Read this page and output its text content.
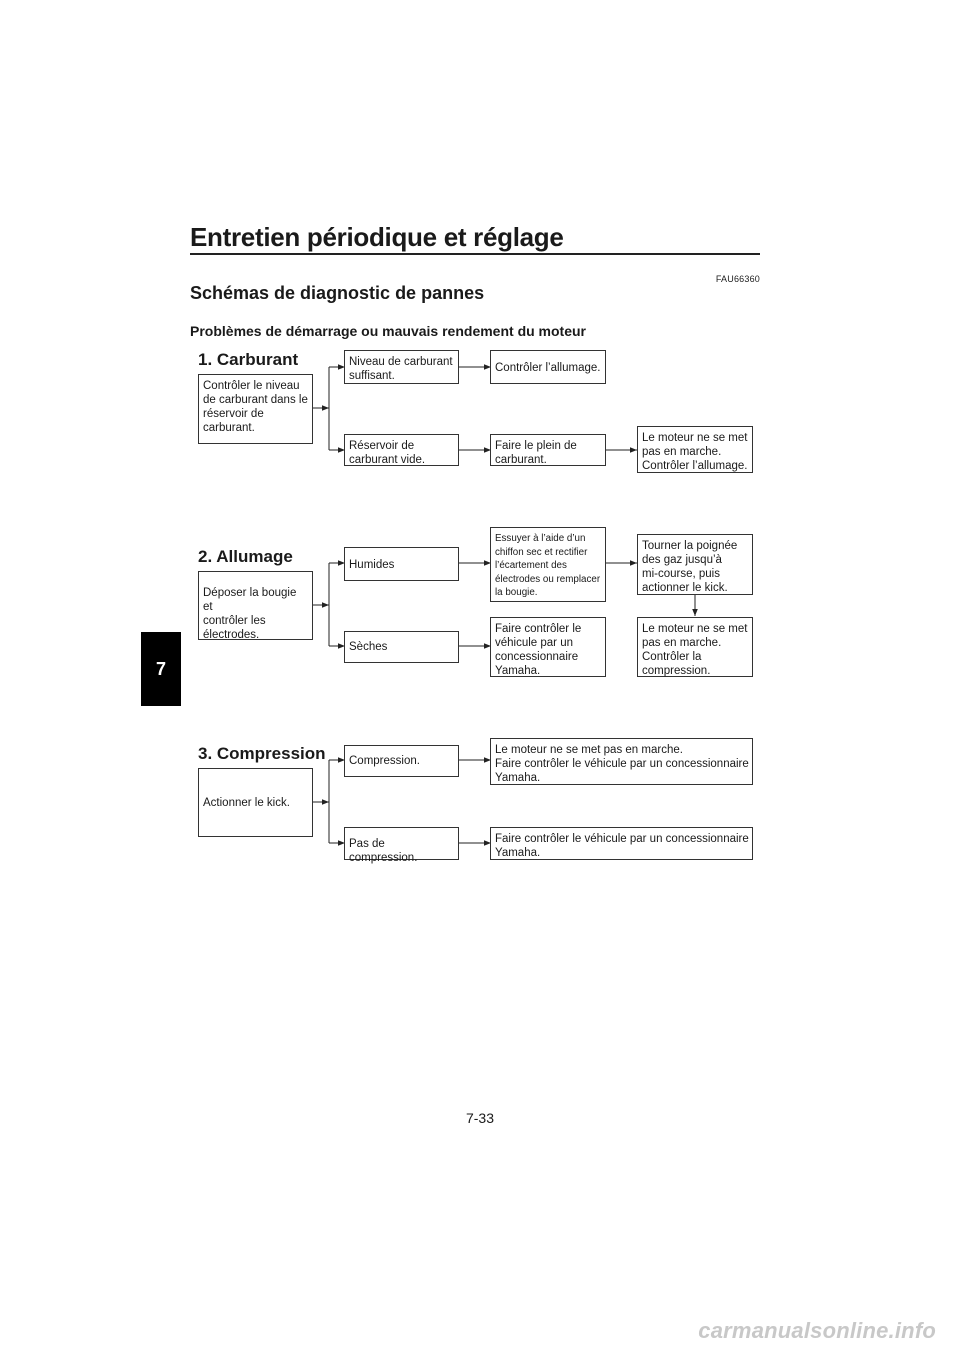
Entretien périodique et réglage
FAU66360
Schémas de diagnostic de pannes
Problèmes de démarrage ou mauvais rendement du moteur
7
1. Carburant
Contrôler le niveau
de carburant dans le
réservoir de
carburant.
Niveau de carburant
suffisant.
Contrôler l’allumage.
Réservoir de
carburant vide.
Faire le plein de
carburant.
Le moteur ne se met
pas en marche.
Contrôler l’allumage.
2. Allumage
Déposer la bougie et
contrôler les
électrodes.
Humides
Essuyer à l’aide d’un
chiffon sec et rectifier
l’écartement des
électrodes ou remplacer
la bougie.
Tourner la poignée
des gaz jusqu’à
mi-course, puis
actionner le kick.
Le moteur ne se met
pas en marche.
Contrôler la
compression.
Sèches
Faire contrôler le
véhicule par un
concessionnaire
Yamaha.
3. Compression
Actionner le kick.
Compression.
Le moteur ne se met pas en marche.
Faire contrôler le véhicule par un concessionnaire
Yamaha.
Pas de compression.
Faire contrôler le véhicule par un concessionnaire
Yamaha.
7-33
carmanualsonline.info
